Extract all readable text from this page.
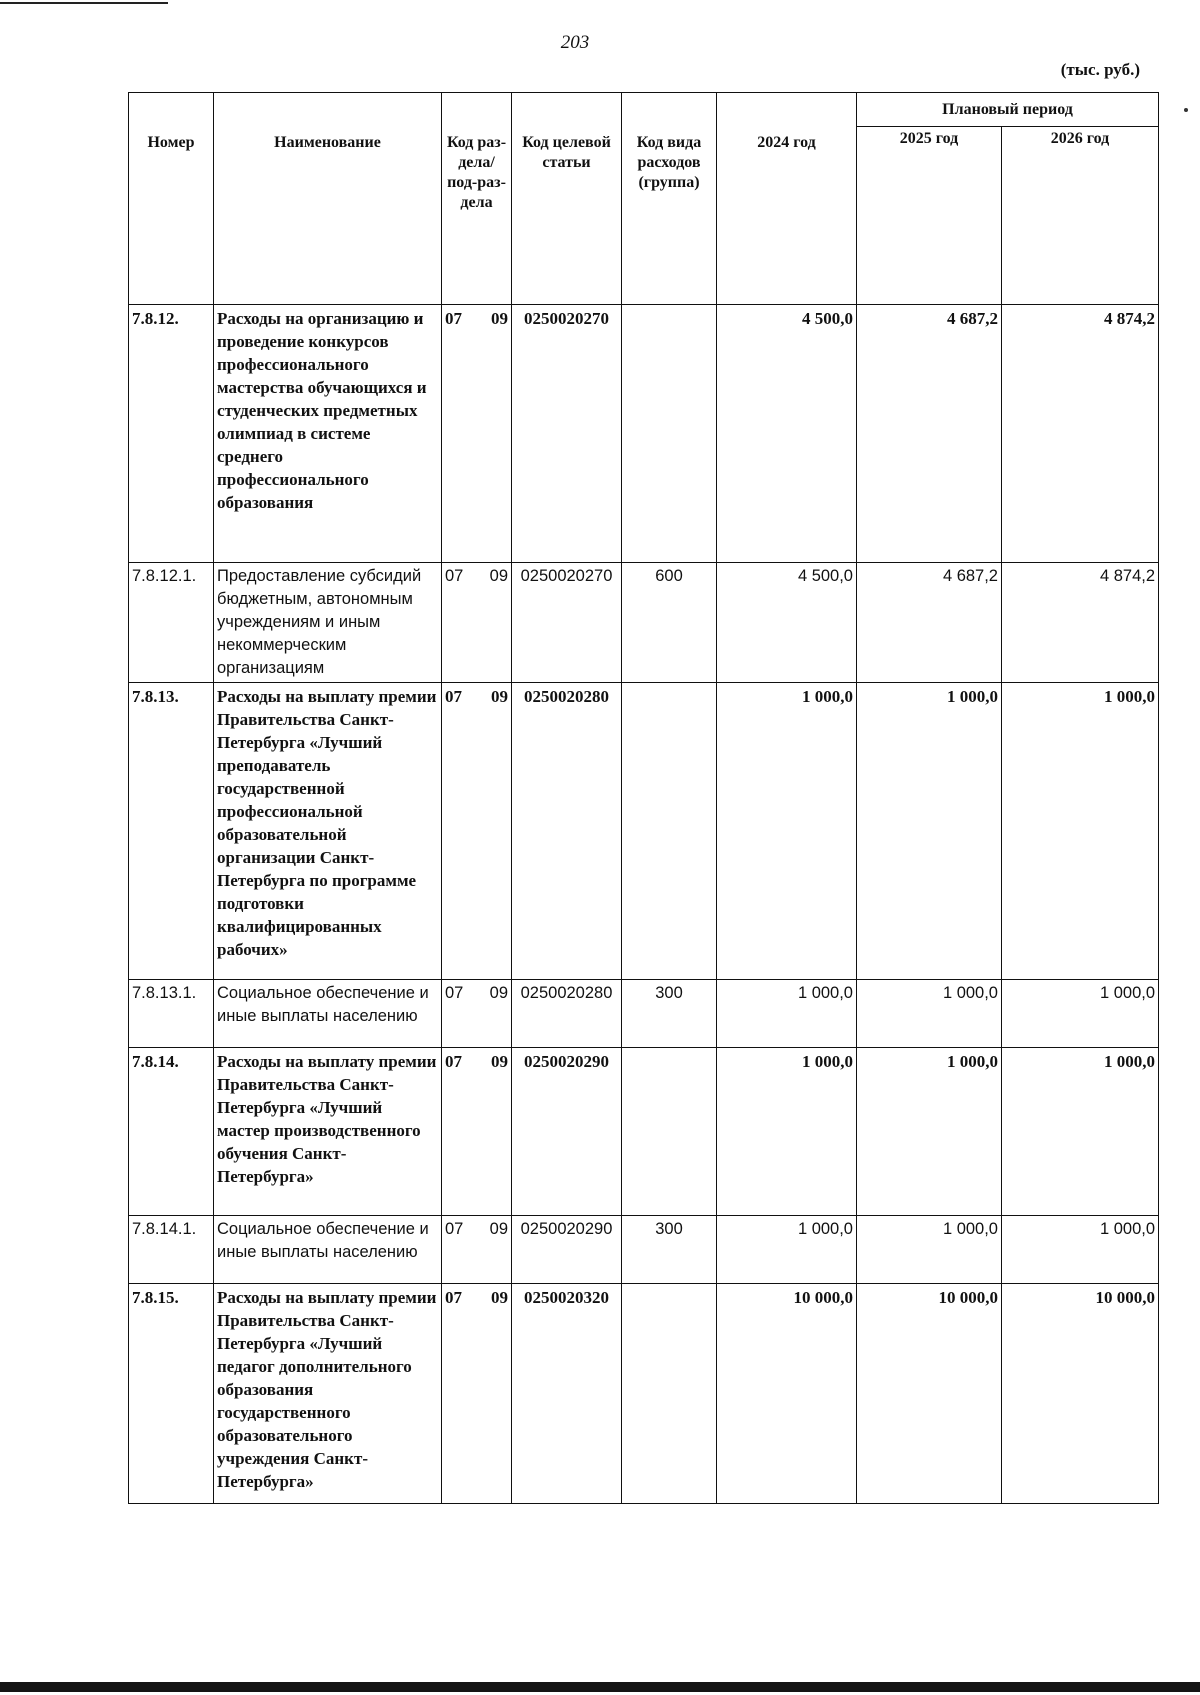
203
(тыс. руб.)
Номер	Наименование	Код раз-дела/ под-раз-дела	Код целевой статьи	Код вида расходов (группа)	2024 год	Плановый период	
						2025 год	2026 год
7.8.12.	Расходы на организацию и проведение конкурсов профессионального мастерства обучающихся и студенческих предметных олимпиад в системе среднего профессионального образования	07 09	0250020270		4 500,0	4 687,2	4 874,2
7.8.12.1.	Предоставление субсидий бюджетным, автономным учреждениям и иным некоммерческим организациям	07 09	0250020270	600	4 500,0	4 687,2	4 874,2
7.8.13.	Расходы на выплату премии Правительства Санкт-Петербурга «Лучший преподаватель государственной профессиональной образовательной организации Санкт-Петербурга по программе подготовки квалифицированных рабочих»	07 09	0250020280		1 000,0	1 000,0	1 000,0
7.8.13.1.	Социальное обеспечение и иные выплаты населению	07 09	0250020280	300	1 000,0	1 000,0	1 000,0
7.8.14.	Расходы на выплату премии Правительства Санкт-Петербурга «Лучший мастер производственного обучения Санкт-Петербурга»	07 09	0250020290		1 000,0	1 000,0	1 000,0
7.8.14.1.	Социальное обеспечение и иные выплаты населению	07 09	0250020290	300	1 000,0	1 000,0	1 000,0
7.8.15.	Расходы на выплату премии Правительства Санкт-Петербурга «Лучший педагог дополнительного образования государственного образовательного учреждения Санкт-Петербурга»	07 09	0250020320		10 000,0	10 000,0	10 000,0
